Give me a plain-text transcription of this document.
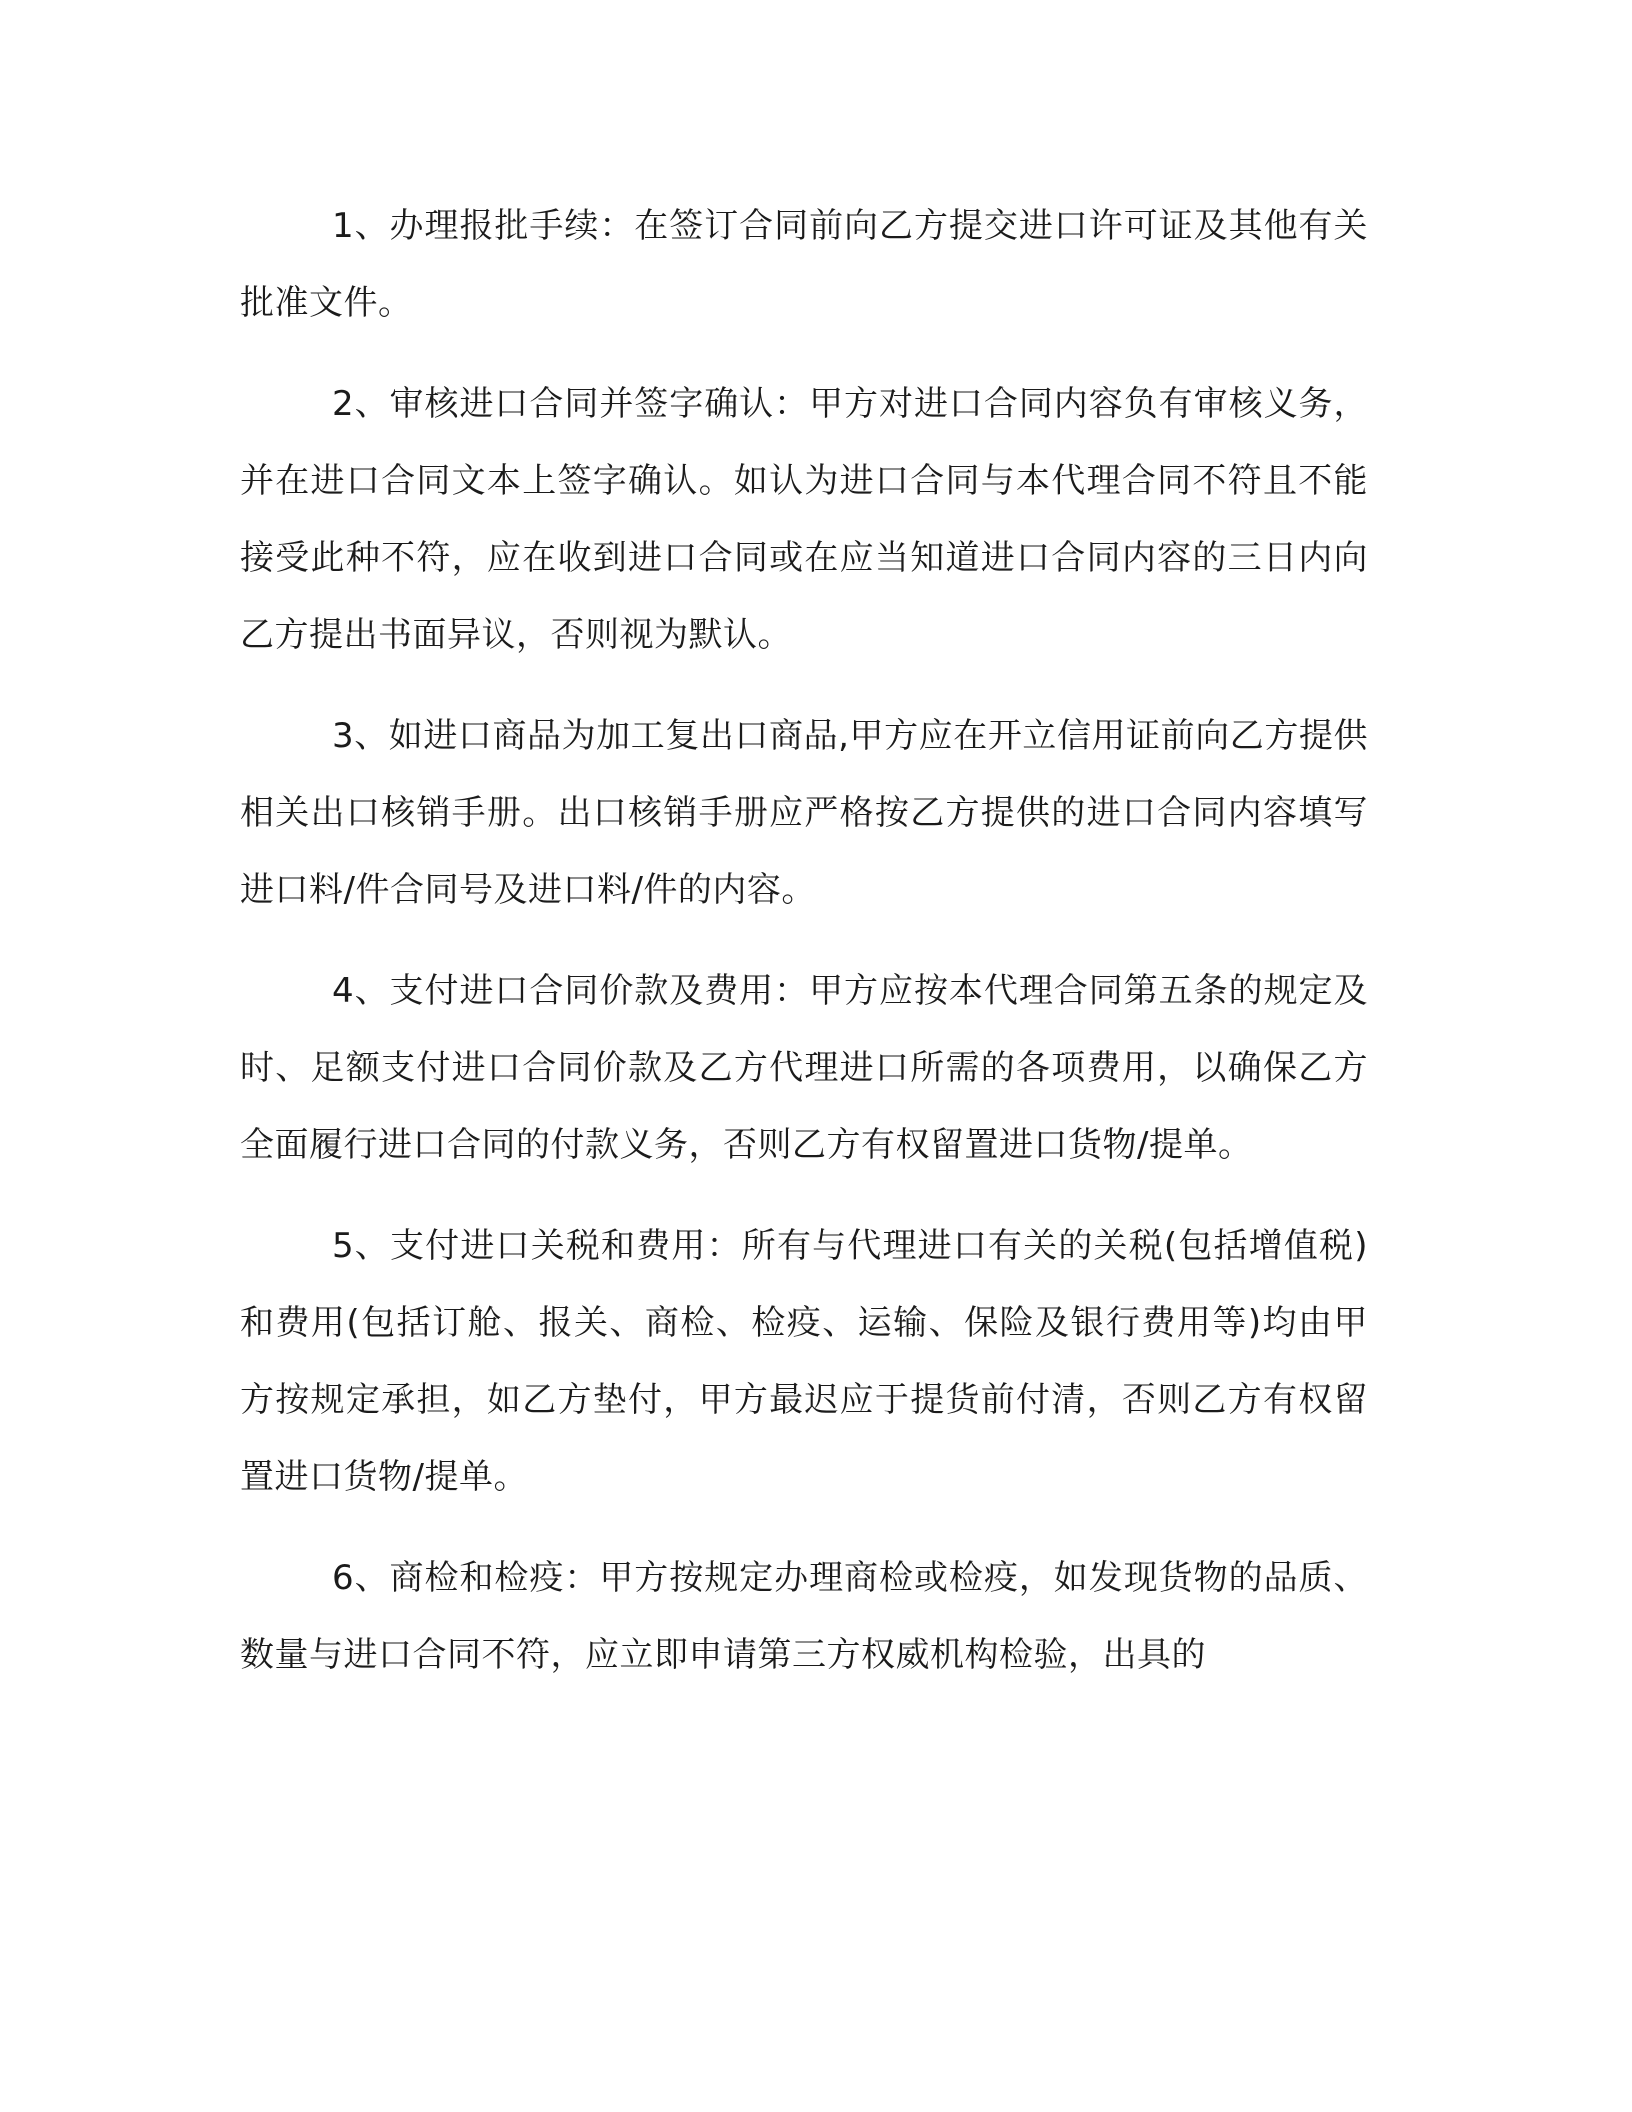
1、办理报批手续：在签订合同前向乙方提交进口许可证及其他有关批准文件。

2、审核进口合同并签字确认：甲方对进口合同内容负有审核义务，并在进口合同文本上签字确认。如认为进口合同与本代理合同不符且不能接受此种不符，应在收到进口合同或在应当知道进口合同内容的三日内向乙方提出书面异议，否则视为默认。

3、如进口商品为加工复出口商品,甲方应在开立信用证前向乙方提供相关出口核销手册。出口核销手册应严格按乙方提供的进口合同内容填写进口料/件合同号及进口料/件的内容。

4、支付进口合同价款及费用：甲方应按本代理合同第五条的规定及时、足额支付进口合同价款及乙方代理进口所需的各项费用，以确保乙方全面履行进口合同的付款义务，否则乙方有权留置进口货物/提单。

5、支付进口关税和费用：所有与代理进口有关的关税(包括增值税)和费用(包括订舱、报关、商检、检疫、运输、保险及银行费用等)均由甲方按规定承担，如乙方垫付，甲方最迟应于提货前付清，否则乙方有权留置进口货物/提单。

6、商检和检疫：甲方按规定办理商检或检疫，如发现货物的品质、数量与进口合同不符，应立即申请第三方权威机构检验，出具的
